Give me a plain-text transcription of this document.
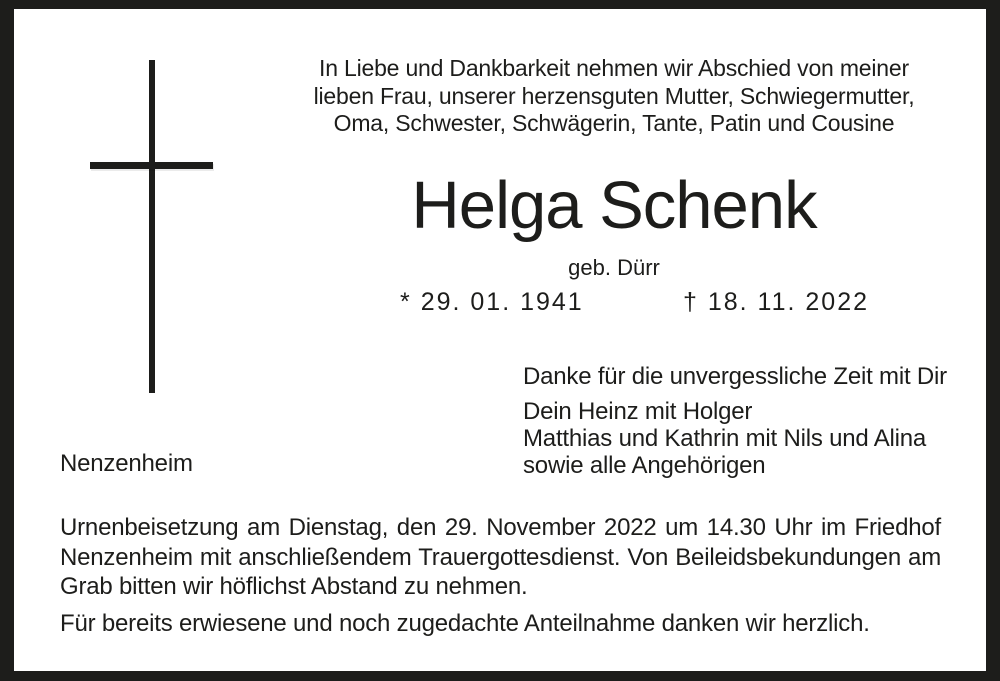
In Liebe und Dankbarkeit nehmen wir Abschied von meiner
lieben Frau, unserer herzensguten Mutter, Schwiegermutter,
Oma, Schwester, Schwägerin, Tante, Patin und Cousine
Helga Schenk
geb. Dürr
* 29. 01. 1941	† 18. 11. 2022
Danke für die unvergessliche Zeit mit Dir
Dein Heinz mit Holger
Matthias und Kathrin mit Nils und Alina
sowie alle Angehörigen
Nenzenheim
Urnenbeisetzung am Dienstag, den 29. November 2022 um 14.30 Uhr im Friedhof
Nenzenheim mit anschließendem Trauergottesdienst. Von Beileidsbekundungen am
Grab bitten wir höflichst Abstand zu nehmen.
Für bereits erwiesene und noch zugedachte Anteilnahme danken wir herzlich.
